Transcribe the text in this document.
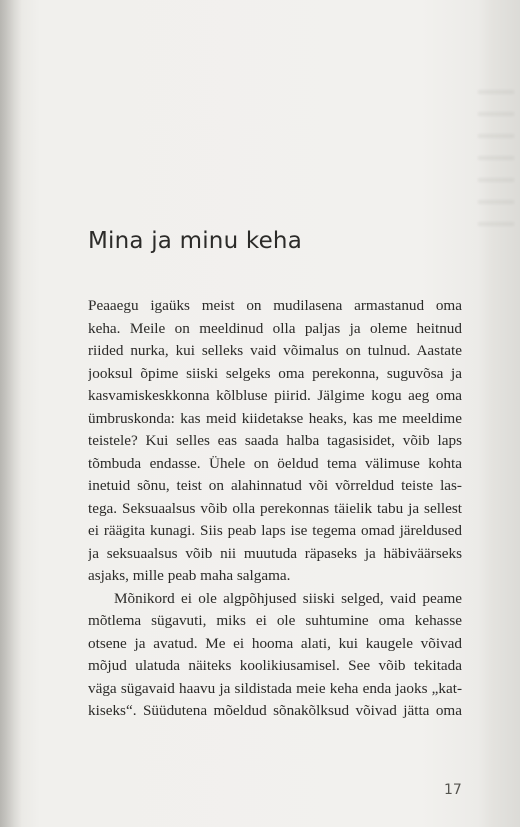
Mina ja minu keha
Peaaegu igaüks meist on mudilasena armastanud oma
keha. Meile on meeldinud olla paljas ja oleme heitnud
riided nurka, kui selleks vaid võimalus on tulnud. Aastate
jooksul õpime siiski selgeks oma perekonna, suguvõsa ja
kasvamiskeskkonna kõlbluse piirid. Jälgime kogu aeg oma
ümbruskonda: kas meid kiidetakse heaks, kas me meeldime
teistele? Kui selles eas saada halba tagasisidet, võib laps
tõmbuda endasse. Ühele on öeldud tema välimuse kohta
inetuid sõnu, teist on alahinnatud või võrreldud teiste las-
tega. Seksuaalsus võib olla perekonnas täielik tabu ja sellest
ei räägita kunagi. Siis peab laps ise tegema omad järeldused
ja seksuaalsus võib nii muutuda räpaseks ja häbiväärseks
asjaks, mille peab maha salgama.
Mõnikord ei ole algpõhjused siiski selged, vaid peame
mõtlema sügavuti, miks ei ole suhtumine oma kehasse
otsene ja avatud. Me ei hooma alati, kui kaugele võivad
mõjud ulatuda näiteks koolikiusamisel. See võib tekitada
väga sügavaid haavu ja sildistada meie keha enda jaoks „kat-
kiseks“. Süüdutena mõeldud sõnakõlksud võivad jätta oma
17
